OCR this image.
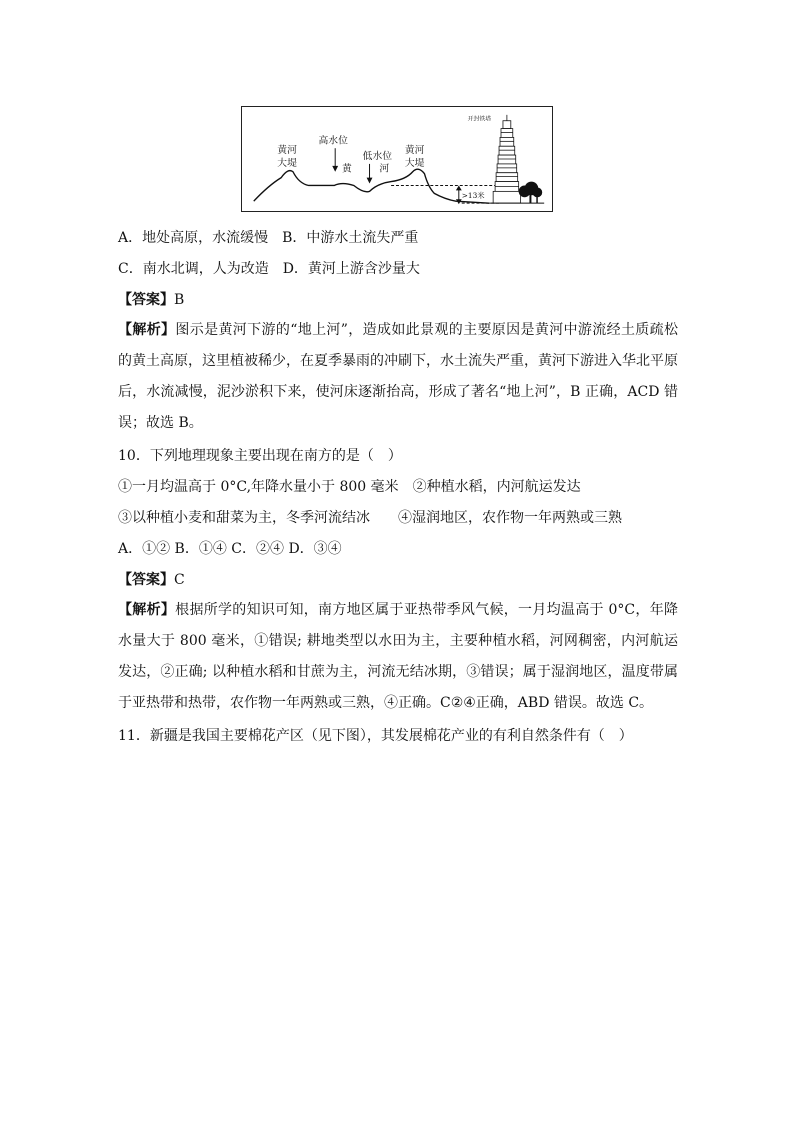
开封铁塔
黄河
大堤
高水位
低水位
黄	河
黄河
大堤
>13米
A．地处高原，水流缓慢　B．中游水土流失严重
C．南水北调，人为改造　D．黄河上游含沙量大
【答案】B
【解析】图示是黄河下游的“地上河”，造成如此景观的主要原因是黄河中游流经土质疏松的黄土高原，这里植被稀少，在夏季暴雨的冲刷下，水土流失严重，黄河下游进入华北平原后，水流减慢，泥沙淤积下来，使河床逐渐抬高，形成了著名“地上河”，B 正确，ACD 错误；故选 B。
10．下列地理现象主要出现在南方的是（　）
①一月均温高于 0°C,年降水量小于 800 毫米　②种植水稻，内河航运发达
③以种植小麦和甜菜为主，冬季河流结冰　　④湿润地区，农作物一年两熟或三熟
A．①② B．①④ C．②④ D．③④
【答案】C
【解析】根据所学的知识可知，南方地区属于亚热带季风气候，一月均温高于 0°C，年降水量大于 800 毫米，①错误; 耕地类型以水田为主，主要种植水稻，河网稠密，内河航运发达，②正确; 以种植水稻和甘蔗为主，河流无结冰期，③错误；属于湿润地区，温度带属于亚热带和热带，农作物一年两熟或三熟，④正确。C②④正确，ABD 错误。故选 C。
11．新疆是我国主要棉花产区（见下图），其发展棉花产业的有利自然条件有（　）
